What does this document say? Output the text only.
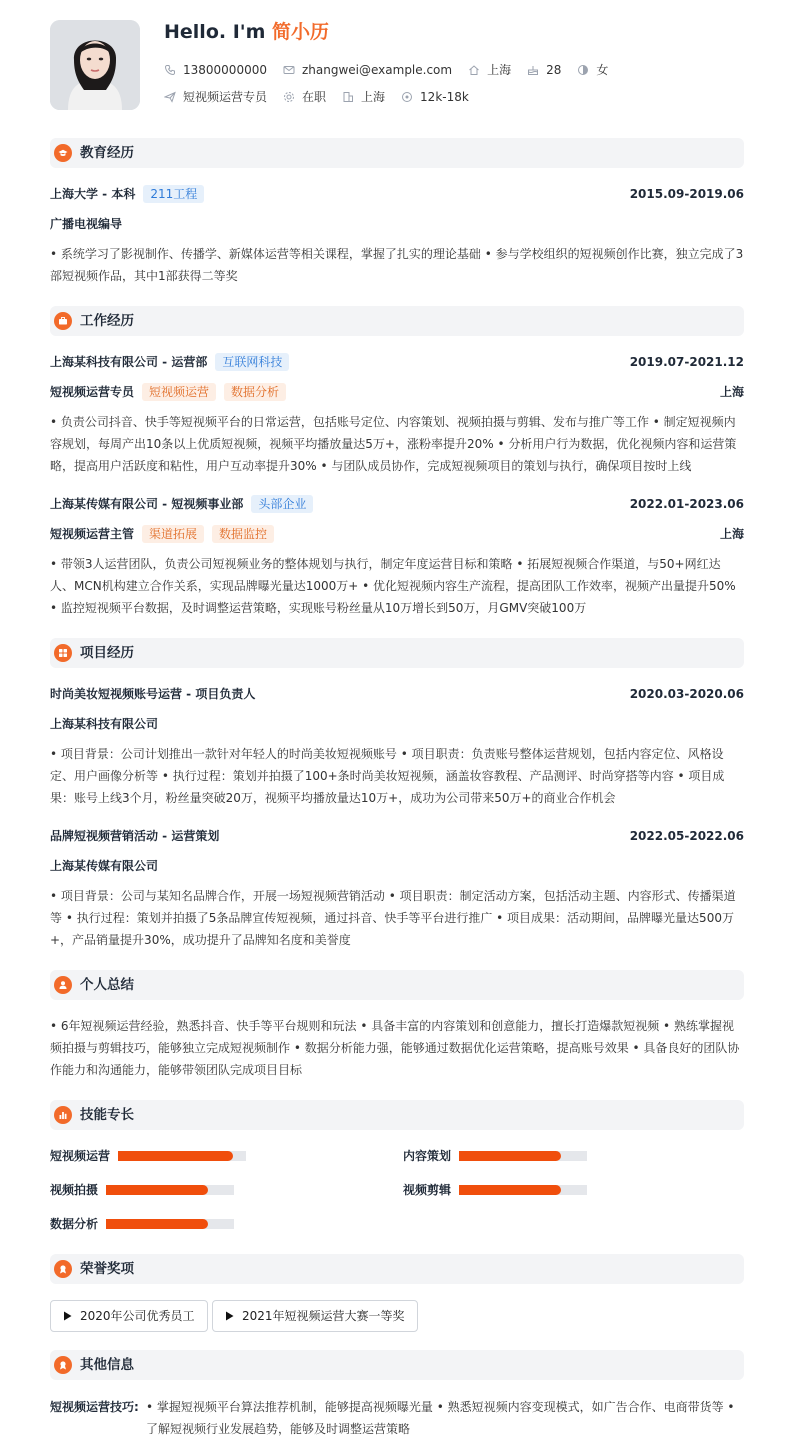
Hello. I'm 简小历
13800000000	zhangwei@example.com	上海	28	女
短视频运营专员	在职	上海	12k-18k
教育经历
上海大学 - 本科	211工程	2015.09-2019.06
广播电视编导
• 系统学习了影视制作、传播学、新媒体运营等相关课程，掌握了扎实的理论基础 • 参与学校组织的短视频创作比赛，独立完成了3部短视频作品，其中1部获得二等奖
工作经历
上海某科技有限公司 - 运营部	互联网科技	2019.07-2021.12
短视频运营专员	短视频运营	数据分析	上海
• 负责公司抖音、快手等短视频平台的日常运营，包括账号定位、内容策划、视频拍摄与剪辑、发布与推广等工作 • 制定短视频内容规划，每周产出10条以上优质短视频，视频平均播放量达5万+，涨粉率提升20% • 分析用户行为数据，优化视频内容和运营策略，提高用户活跃度和粘性，用户互动率提升30% • 与团队成员协作，完成短视频项目的策划与执行，确保项目按时上线
上海某传媒有限公司 - 短视频事业部	头部企业	2022.01-2023.06
短视频运营主管	渠道拓展	数据监控	上海
• 带领3人运营团队，负责公司短视频业务的整体规划与执行，制定年度运营目标和策略 • 拓展短视频合作渠道，与50+网红达人、MCN机构建立合作关系，实现品牌曝光量达1000万+ • 优化短视频内容生产流程，提高团队工作效率，视频产出量提升50% • 监控短视频平台数据，及时调整运营策略，实现账号粉丝量从10万增长到50万，月GMV突破100万
项目经历
时尚美妆短视频账号运营 - 项目负责人	2020.03-2020.06
上海某科技有限公司
• 项目背景：公司计划推出一款针对年轻人的时尚美妆短视频账号 • 项目职责：负责账号整体运营规划，包括内容定位、风格设定、用户画像分析等 • 执行过程：策划并拍摄了100+条时尚美妆短视频，涵盖妆容教程、产品测评、时尚穿搭等内容 • 项目成果：账号上线3个月，粉丝量突破20万，视频平均播放量达10万+，成功为公司带来50万+的商业合作机会
品牌短视频营销活动 - 运营策划	2022.05-2022.06
上海某传媒有限公司
• 项目背景：公司与某知名品牌合作，开展一场短视频营销活动 • 项目职责：制定活动方案，包括活动主题、内容形式、传播渠道等 • 执行过程：策划并拍摄了5条品牌宣传短视频，通过抖音、快手等平台进行推广 • 项目成果：活动期间，品牌曝光量达500万+，产品销量提升30%，成功提升了品牌知名度和美誉度
个人总结
• 6年短视频运营经验，熟悉抖音、快手等平台规则和玩法 • 具备丰富的内容策划和创意能力，擅长打造爆款短视频 • 熟练掌握视频拍摄与剪辑技巧，能够独立完成短视频制作 • 数据分析能力强，能够通过数据优化运营策略，提高账号效果 • 具备良好的团队协作能力和沟通能力，能够带领团队完成项目目标
技能专长
短视频运营	内容策划
视频拍摄	视频剪辑
数据分析
荣誉奖项
2020年公司优秀员工	2021年短视频运营大赛一等奖
其他信息
短视频运营技巧: • 掌握短视频平台算法推荐机制，能够提高视频曝光量 • 熟悉短视频内容变现模式，如广告合作、电商带货等 • 了解短视频行业发展趋势，能够及时调整运营策略
